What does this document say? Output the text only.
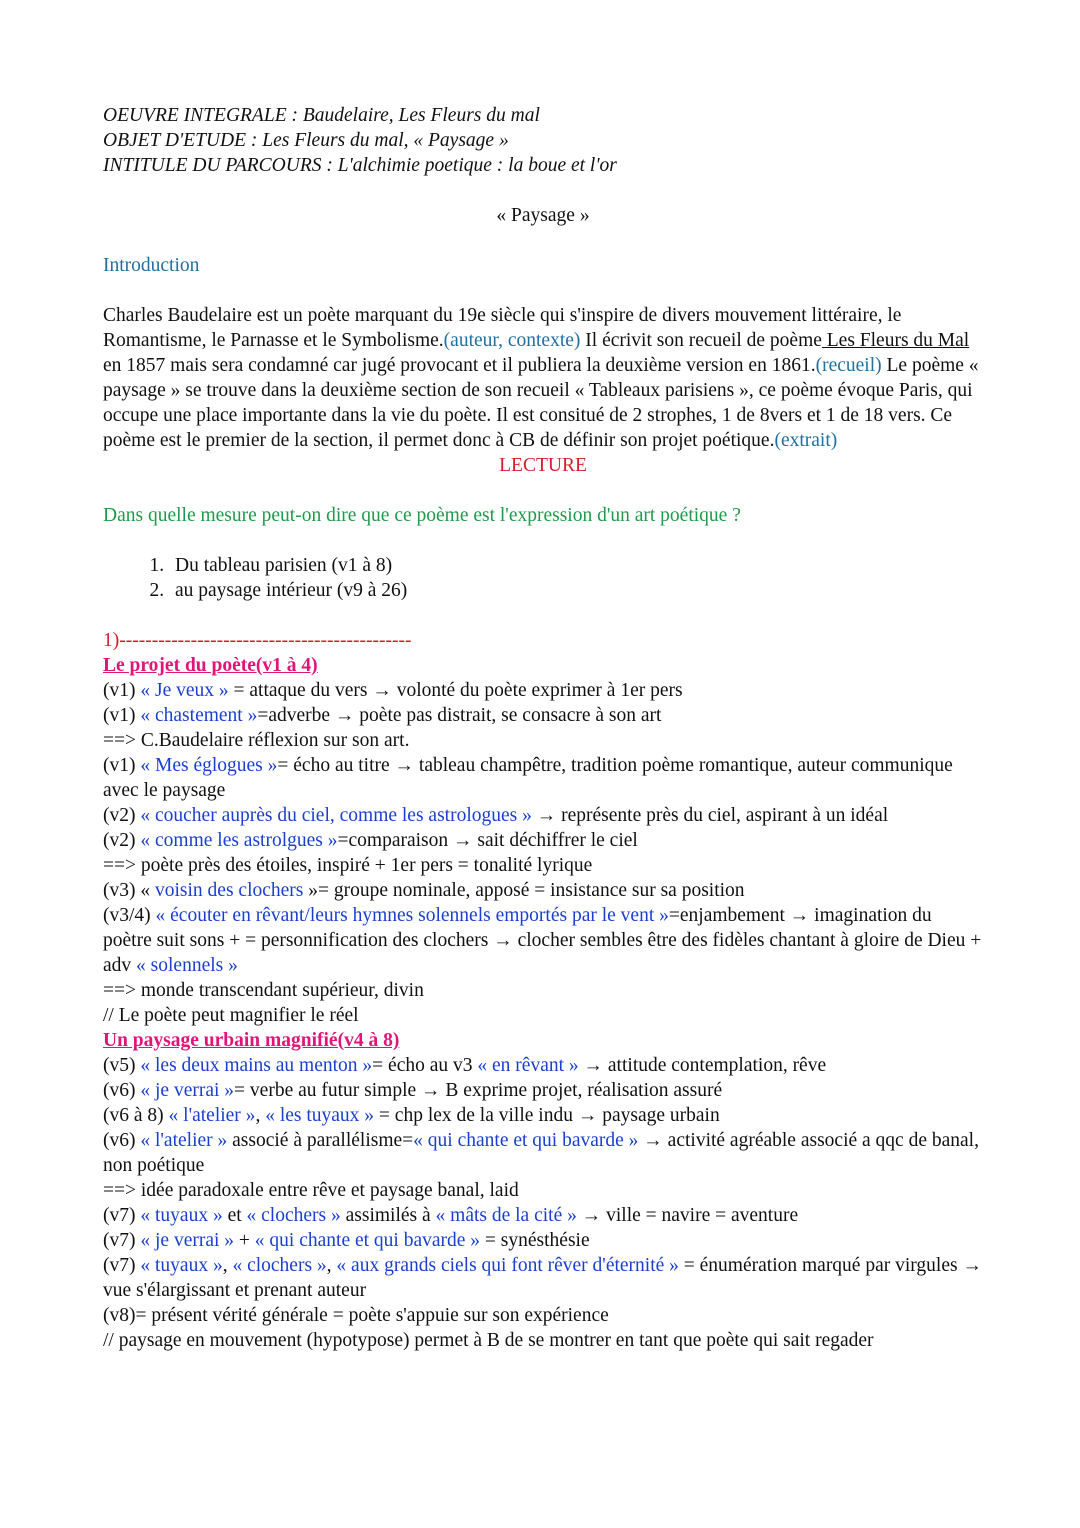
OEUVRE INTEGRALE : Baudelaire, Les Fleurs du mal

OBJET D'ETUDE : Les Fleurs du mal, « Paysage »

INTITULE DU PARCOURS : L'alchimie poetique : la boue et l'or

« Paysage »

Introduction

Charles Baudelaire est un poète marquant du 19e siècle qui s'inspire de divers mouvement littéraire, le Romantisme, le Parnasse et le Symbolisme.(auteur, contexte) Il écrivit son recueil de poème Les Fleurs du Mal en 1857 mais sera condamné car jugé provocant et il publiera la deuxième version en 1861.(recueil) Le poème « paysage » se trouve dans la deuxième section de son recueil « Tableaux parisiens », ce poème évoque Paris, qui occupe une place importante dans la vie du poète. Il est consitué de 2 strophes, 1 de 8vers et 1 de 18 vers. Ce poème est le premier de la section, il permet donc à CB de définir son projet poétique.(extrait)

LECTURE

Dans quelle mesure peut-on dire que ce poème est l'expression d'un art poétique ?

1. Du tableau parisien (v1 à 8)
2. au paysage intérieur (v9 à 26)

1)---------------------------------------------

Le projet du poète(v1 à 4)

(v1) « Je veux » = attaque du vers → volonté du poète exprimer à 1er pers

(v1) « chastement »=adverbe → poète pas distrait, se consacre à son art

==> C.Baudelaire réflexion sur son art.

(v1) « Mes églogues »= écho au titre → tableau champêtre, tradition poème romantique, auteur communique avec le paysage

(v2) « coucher auprès du ciel, comme les astrologues » → représente près du ciel, aspirant à un idéal

(v2) « comme les astrolgues »=comparaison → sait déchiffrer le ciel

==> poète près des étoiles, inspiré + 1er pers = tonalité lyrique

(v3) « voisin des clochers »= groupe nominale, apposé = insistance sur sa position

(v3/4) « écouter en rêvant/leurs hymnes solennels emportés par le vent »=enjambement → imagination du poètre suit sons + = personnification des clochers → clocher sembles être des fidèles chantant à gloire de Dieu + adv « solennels »

==> monde transcendant supérieur, divin

// Le poète peut magnifier le réel

Un paysage urbain magnifié(v4 à 8)

(v5) « les deux mains au menton »= écho au v3 « en rêvant » → attitude contemplation, rêve

(v6) « je verrai »= verbe au futur simple → B exprime projet, réalisation assuré

(v6 à 8) « l'atelier », « les tuyaux » = chp lex de la ville indu → paysage urbain

(v6) « l'atelier » associé à parallélisme=« qui chante et qui bavarde » → activité agréable associé a qqc de banal, non poétique

==> idée paradoxale entre rêve et paysage banal, laid

(v7) « tuyaux » et « clochers » assimilés à « mâts de la cité » → ville = navire = aventure

(v7) « je verrai » + « qui chante et qui bavarde » = synésthésie

(v7) « tuyaux », « clochers », « aux grands ciels qui font rêver d'éternité » = énumération marqué par virgules → vue s'élargissant et prenant auteur

(v8)= présent vérité générale = poète s'appuie sur son expérience

// paysage en mouvement (hypotypose) permet à B de se montrer en tant que poète qui sait regader
